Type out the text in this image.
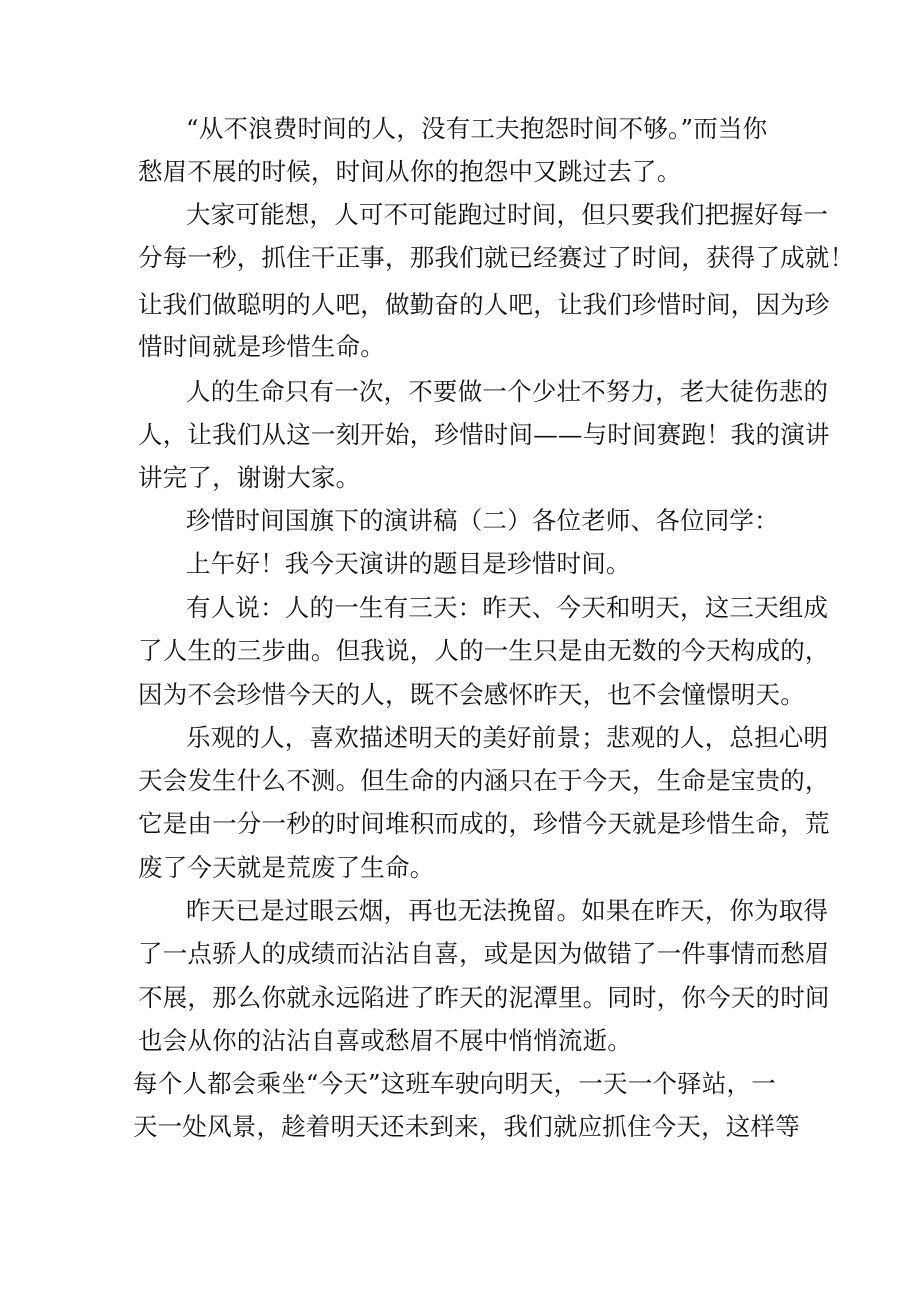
“从不浪费时间的人，没有工夫抱怨时间不够。”而当你
愁眉不展的时候，时间从你的抱怨中又跳过去了。
大家可能想，人可不可能跑过时间，但只要我们把握好每一
分每一秒，抓住干正事，那我们就已经赛过了时间，获得了成就！
让我们做聪明的人吧，做勤奋的人吧，让我们珍惜时间，因为珍
惜时间就是珍惜生命。
人的生命只有一次，不要做一个少壮不努力，老大徒伤悲的
人，让我们从这一刻开始，珍惜时间——与时间赛跑！我的演讲
讲完了，谢谢大家。
珍惜时间国旗下的演讲稿（二）各位老师、各位同学：
上午好！我今天演讲的题目是珍惜时间。
有人说：人的一生有三天：昨天、今天和明天，这三天组成
了人生的三步曲。但我说，人的一生只是由无数的今天构成的，
因为不会珍惜今天的人，既不会感怀昨天，也不会憧憬明天。
乐观的人，喜欢描述明天的美好前景；悲观的人，总担心明
天会发生什么不测。但生命的内涵只在于今天，生命是宝贵的，
它是由一分一秒的时间堆积而成的，珍惜今天就是珍惜生命，荒
废了今天就是荒废了生命。
昨天已是过眼云烟，再也无法挽留。如果在昨天，你为取得
了一点骄人的成绩而沾沾自喜，或是因为做错了一件事情而愁眉
不展，那么你就永远陷进了昨天的泥潭里。同时，你今天的时间
也会从你的沾沾自喜或愁眉不展中悄悄流逝。
每个人都会乘坐“今天”这班车驶向明天，一天一个驿站，一
天一处风景，趁着明天还未到来，我们就应抓住今天，这样等
